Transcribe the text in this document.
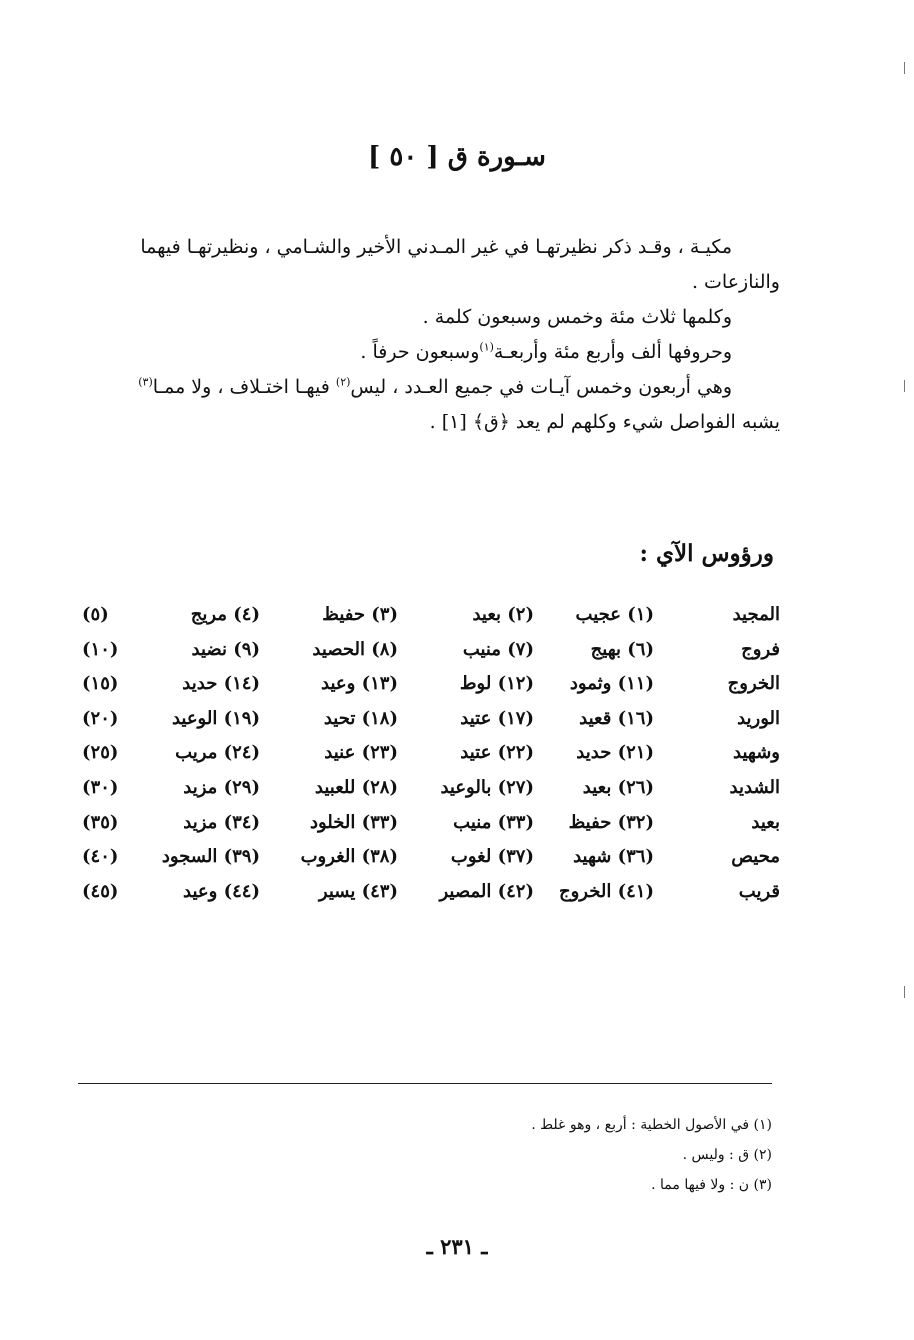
سـورة ق [ ٥٠ ]

مكيـة ، وقـد ذكر نظيرتهـا في غير المـدني الأخير والشـامي ، ونظيرتهـا فيهما

والنازعات .

وكلمها ثلاث مئة وخمس وسبعون كلمة .

وحروفها ألف وأربع مئة وأربعـة$^{(١)}$وسبعون حرفاً .

وهي أربعون وخمس آيـات في جميع العـدد ، ليس$^{(٢)}$ فيهـا اختـلاف ، ولا ممـا$^{(٣)}$

يشبه الفواصل شيء وكلهم لم يعد ﴿ق﴾ [١] .

ورؤوس الآي :
المجيد
(١) عجيب
(٢) بعيد
(٣) حفيظ
(٤) مريج
(٥)
فروج
(٦) بهيج
(٧) منيب
(٨) الحصيد
(٩) نضيد
(١٠)
الخروج
(١١) وثمود
(١٢) لوط
(١٣) وعيد
(١٤) حديد
(١٥)
الوريد
(١٦) قعيد
(١٧) عتيد
(١٨) تحيد
(١٩) الوعيد
(٢٠)
وشهيد
(٢١) حديد
(٢٢) عتيد
(٢٣) عنيد
(٢٤) مريب
(٢٥)
الشديد
(٢٦) بعيد
(٢٧) بالوعيد
(٢٨) للعبيد
(٢٩) مزيد
(٣٠)
بعيد
(٣٢) حفيظ
(٣٣) منيب
(٣٣) الخلود
(٣٤) مزيد
(٣٥)
محيص
(٣٦) شهيد
(٣٧) لغوب
(٣٨) الغروب
(٣٩) السجود
(٤٠)
قريب
(٤١) الخروج
(٤٢) المصير
(٤٣) يسير
(٤٤) وعيد
(٤٥)

(١) في الأصول الخطية : أربع ، وهو غلط .

(٢) ق : وليس .

(٣) ن : ولا فيها مما .

ـ ٢٣١ ـ
